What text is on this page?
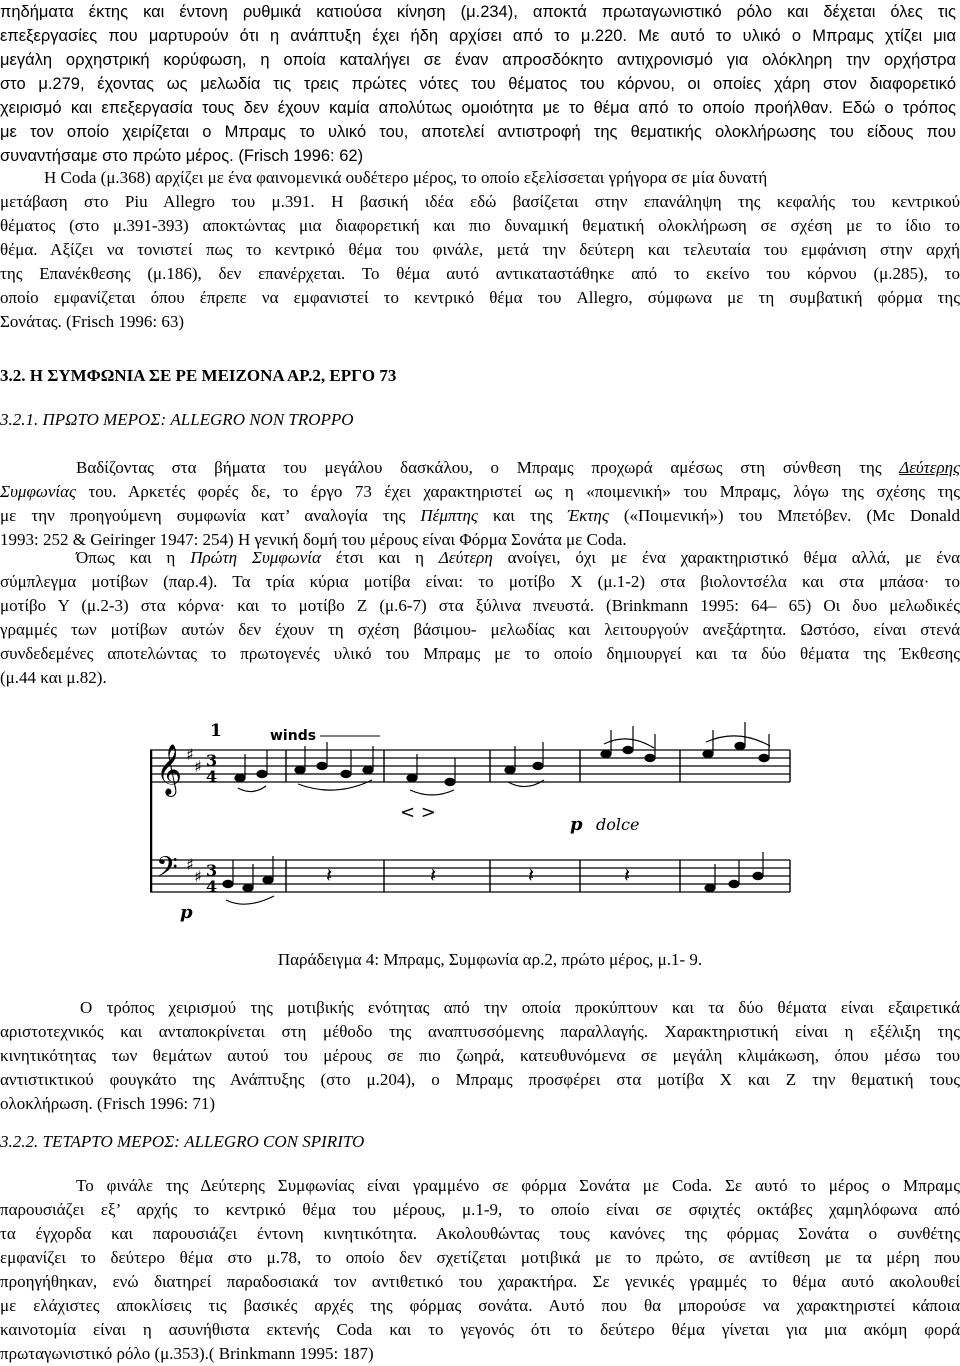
πηδήματα έκτης και έντονη ρυθμικά κατιούσα κίνηση (μ.234), αποκτά πρωταγωνιστικό ρόλο και δέχεται όλες τις
επεξεργασίες που μαρτυρούν ότι η ανάπτυξη έχει ήδη αρχίσει από το μ.220. Με αυτό το υλικό ο Μπραμς χτίζει μια
μεγάλη ορχηστρική κορύφωση, η οποία καταλήγει σε έναν απροσδόκητο αντιχρονισμό για ολόκληρη την ορχήστρα
στο μ.279, έχοντας ως μελωδία τις τρεις πρώτες νότες του θέματος του κόρνου, οι οποίες χάρη στον διαφορετικό
χειρισμό και επεξεργασία τους δεν έχουν καμία απολύτως ομοιότητα με το θέμα από το οποίο προήλθαν. Εδώ ο τρόπος
με τον οποίο χειρίζεται ο Μπραμς το υλικό του, αποτελεί αντιστροφή της θεματικής ολοκλήρωσης του είδους που
συναντήσαμε στο πρώτο μέρος. (Frisch 1996: 62)
Η Coda (μ.368) αρχίζει με ένα φαινομενικά ουδέτερο μέρος, το οποίο εξελίσσεται γρήγορα σε μία δυνατή
μετάβαση στο Piu Allegro του μ.391. Η βασική ιδέα εδώ βασίζεται στην επανάληψη της κεφαλής του κεντρικού
θέματος (στο μ.391-393) αποκτώντας μια διαφορετική και πιο δυναμική θεματική ολοκλήρωση σε σχέση με το ίδιο το
θέμα. Αξίζει να τονιστεί πως το κεντρικό θέμα του φινάλε, μετά την δεύτερη και τελευταία του εμφάνιση στην αρχή
της Επανέκθεσης (μ.186), δεν επανέρχεται. Το θέμα αυτό αντικαταστάθηκε από το εκείνο του κόρνου (μ.285), το
οποίο εμφανίζεται όπου έπρεπε να εμφανιστεί το κεντρικό θέμα του Allegro, σύμφωνα με τη συμβατική φόρμα της
Σονάτας. (Frisch 1996: 63)
3.2. Η ΣΥΜΦΩΝΙΑ ΣΕ ΡΕ ΜΕΙΖΟΝΑ ΑΡ.2, ΕΡΓΟ 73
3.2.1. ΠΡΩΤΟ ΜΕΡΟΣ: ALLEGRO NON TROPPO
Βαδίζοντας στα βήματα του μεγάλου δασκάλου, ο Μπραμς προχωρά αμέσως στη σύνθεση της Δεύτερης
Συμφωνίας του. Αρκετές φορές δε, το έργο 73 έχει χαρακτηριστεί ως η «ποιμενική» του Μπραμς, λόγω της σχέσης της
με την προηγούμενη συμφωνία κατ’ αναλογία της Πέμπτης και της Έκτης («Ποιμενική») του Μπετόβεν. (Mc Donald
1993: 252 & Geiringer 1947: 254) Η γενική δομή του μέρους είναι Φόρμα Σονάτα με Coda.
Όπως και η Πρώτη Συμφωνία έτσι και η Δεύτερη ανοίγει, όχι με ένα χαρακτηριστικό θέμα αλλά, με ένα
σύμπλεγμα μοτίβων (παρ.4). Τα τρία κύρια μοτίβα είναι: το μοτίβο Χ (μ.1-2) στα βιολοντσέλα και στα μπάσα· το
μοτίβο Υ (μ.2-3) στα κόρνα· και το μοτίβο Ζ (μ.6-7) στα ξύλινα πνευστά. (Brinkmann 1995: 64– 65) Οι δυο μελωδικές
γραμμές των μοτίβων αυτών δεν έχουν τη σχέση βάσιμου- μελωδίας και λειτουργούν ανεξάρτητα. Ωστόσο, είναι στενά
συνδεδεμένες αποτελώντας το πρωτογενές υλικό του Μπραμς με το οποίο δημιουργεί και τα δύο θέματα της Έκθεσης
(μ.44 και μ.82).
𝄞
𝄢
♯
♯
♯
♯
3
4
3
4
1	winds
p dolce
p
< >
𝄽	𝄽	𝄽	𝄽
Παράδειγμα 4: Μπραμς, Συμφωνία αρ.2, πρώτο μέρος, μ.1- 9.
Ο τρόπος χειρισμού της μοτιβικής ενότητας από την οποία προκύπτουν και τα δύο θέματα είναι εξαιρετικά
αριστοτεχνικός και ανταποκρίνεται στη μέθοδο της αναπτυσσόμενης παραλλαγής. Χαρακτηριστική είναι η εξέλιξη της
κινητικότητας των θεμάτων αυτού του μέρους σε πιο ζωηρά, κατευθυνόμενα σε μεγάλη κλιμάκωση, όπου μέσω του
αντιστικτικού φουγκάτο της Ανάπτυξης (στο μ.204), ο Μπραμς προσφέρει στα μοτίβα Χ και Ζ την θεματική τους
ολοκλήρωση. (Frisch 1996: 71)
3.2.2. ΤΕΤΑΡΤΟ ΜΕΡΟΣ: ALLEGRO CON SPIRITO
Το φινάλε της Δεύτερης Συμφωνίας είναι γραμμένο σε φόρμα Σονάτα με Coda. Σε αυτό το μέρος ο Μπραμς
παρουσιάζει εξ’ αρχής το κεντρικό θέμα του μέρους, μ.1-9, το οποίο είναι σε σφιχτές οκτάβες χαμηλόφωνα από
τα έγχορδα και παρουσιάζει έντονη κινητικότητα. Ακολουθώντας τους κανόνες της φόρμας Σονάτα ο συνθέτης
εμφανίζει το δεύτερο θέμα στο μ.78, το οποίο δεν σχετίζεται μοτιβικά με το πρώτο, σε αντίθεση με τα μέρη που
προηγήθηκαν, ενώ διατηρεί παραδοσιακά τον αντιθετικό του χαρακτήρα. Σε γενικές γραμμές το θέμα αυτό ακολουθεί
με ελάχιστες αποκλίσεις τις βασικές αρχές της φόρμας σονάτα. Αυτό που θα μπορούσε να χαρακτηριστεί κάποια
καινοτομία είναι η ασυνήθιστα εκτενής Coda και το γεγονός ότι το δεύτερο θέμα γίνεται για μια ακόμη φορά
πρωταγωνιστικό ρόλο (μ.353).( Brinkmann 1995: 187)
